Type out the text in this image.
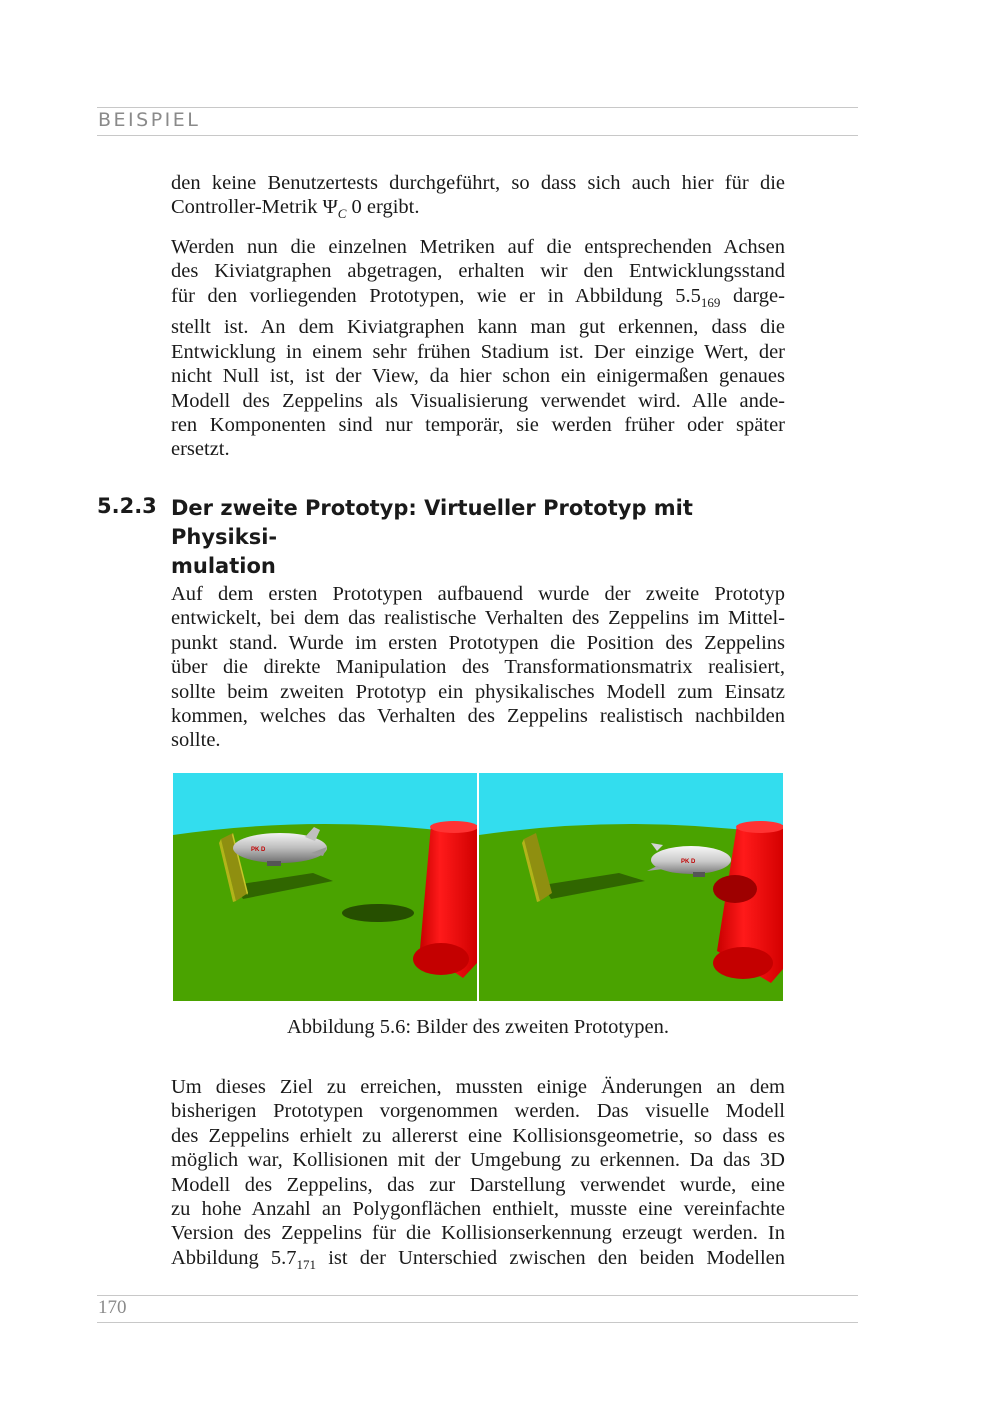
BEISPIEL
den keine Benutzertests durchgeführt, so dass sich auch hier für die
Controller-Metrik $\Psi_C$ 0 ergibt.
Werden nun die einzelnen Metriken auf die entsprechenden Achsen
des Kiviatgraphen abgetragen, erhalten wir den Entwicklungsstand
für den vorliegenden Prototypen, wie er in Abbildung $5.5_{169}$ darge-
stellt ist. An dem Kiviatgraphen kann man gut erkennen, dass die
Entwicklung in einem sehr frühen Stadium ist. Der einzige Wert, der
nicht Null ist, ist der View, da hier schon ein einigermaßen genaues
Modell des Zeppelins als Visualisierung verwendet wird. Alle ande-
ren Komponenten sind nur temporär, sie werden früher oder später
ersetzt.
5.2.3 Der zweite Prototyp: Virtueller Prototyp mit Physiksi-
mulation
Auf dem ersten Prototypen aufbauend wurde der zweite Prototyp
entwickelt, bei dem das realistische Verhalten des Zeppelins im Mittel-
punkt stand. Wurde im ersten Prototypen die Position des Zeppelins
über die direkte Manipulation des Transformationsmatrix realisiert,
sollte beim zweiten Prototyp ein physikalisches Modell zum Einsatz
kommen, welches das Verhalten des Zeppelins realistisch nachbilden
sollte.
PK D
PK D
Abbildung 5.6: Bilder des zweiten Prototypen.
Um dieses Ziel zu erreichen, mussten einige Änderungen an dem
bisherigen Prototypen vorgenommen werden. Das visuelle Modell
des Zeppelins erhielt zu allererst eine Kollisionsgeometrie, so dass es
möglich war, Kollisionen mit der Umgebung zu erkennen. Da das 3D
Modell des Zeppelins, das zur Darstellung verwendet wurde, eine
zu hohe Anzahl an Polygonflächen enthielt, musste eine vereinfachte
Version des Zeppelins für die Kollisionserkennung erzeugt werden. In
Abbildung $5.7_{171}$ ist der Unterschied zwischen den beiden Modellen
170
